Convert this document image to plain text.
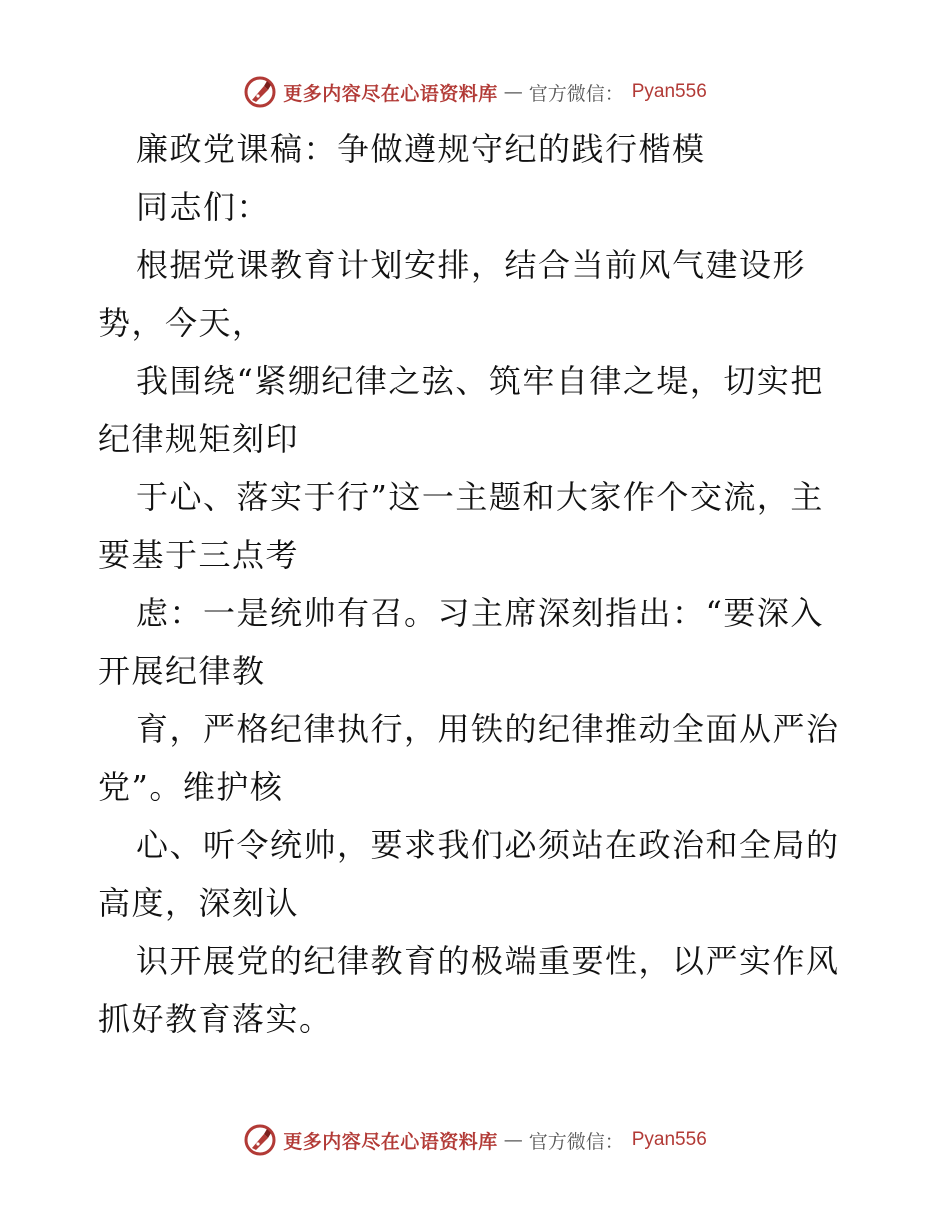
更多内容尽在心语资料库 — 官方微信： Pyan556
廉政党课稿：争做遵规守纪的践行楷模
同志们：
根据党课教育计划安排，结合当前风气建设形
势，今天，
我围绕“紧绷纪律之弦、筑牢自律之堤，切实把
纪律规矩刻印
于心、落实于行”这一主题和大家作个交流，主
要基于三点考
虑：一是统帅有召。习主席深刻指出：“要深入
开展纪律教
育，严格纪律执行，用铁的纪律推动全面从严治
党”。维护核
心、听令统帅，要求我们必须站在政治和全局的
高度，深刻认
识开展党的纪律教育的极端重要性，以严实作风
抓好教育落实。
更多内容尽在心语资料库 — 官方微信： Pyan556
